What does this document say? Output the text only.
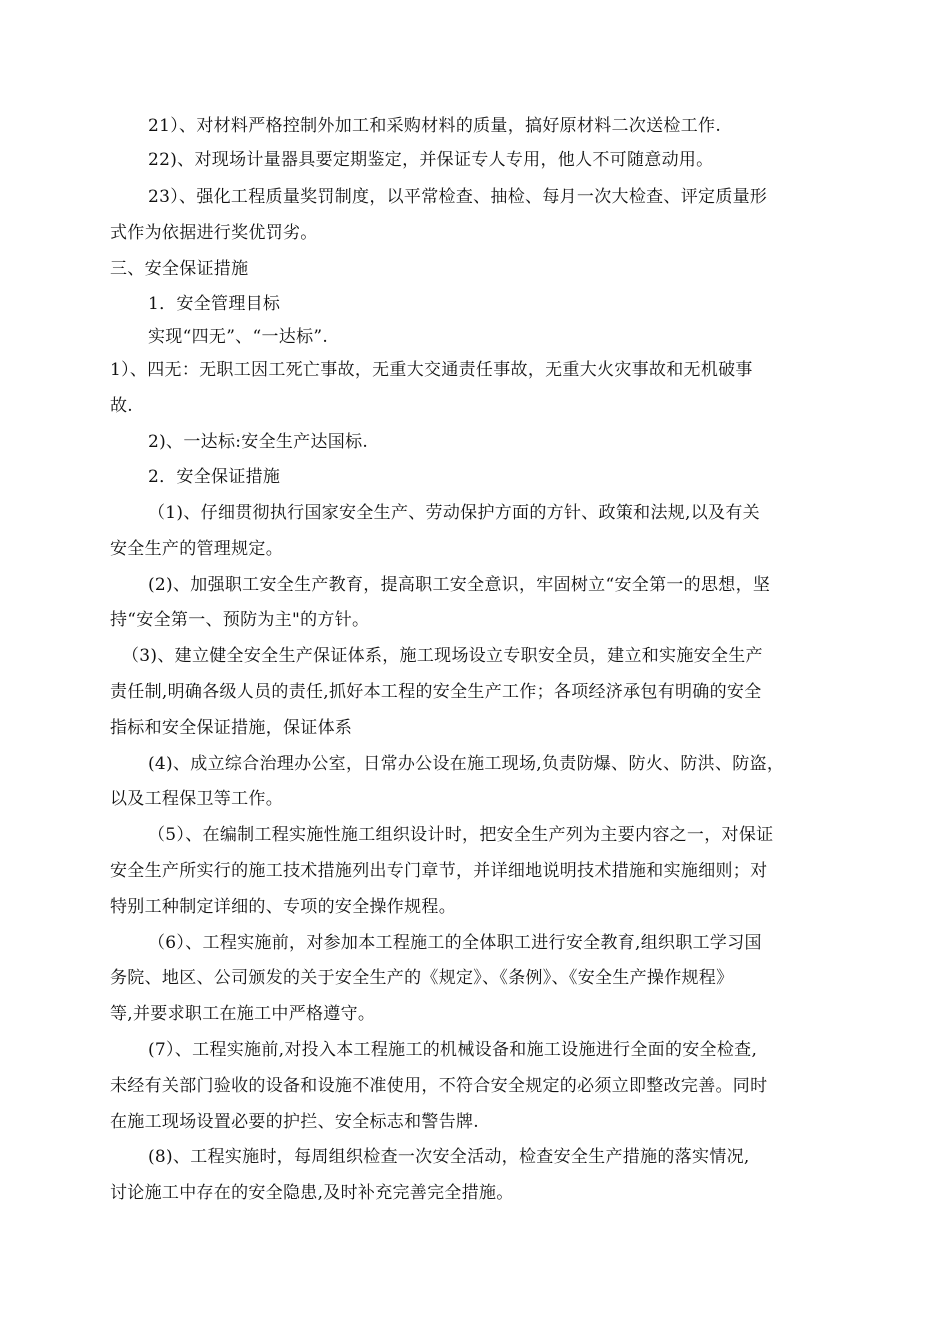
21）、对材料严格控制外加工和采购材料的质量，搞好原材料二次送检工作.
22)、对现场计量器具要定期鉴定，并保证专人专用，他人不可随意动用。
23）、强化工程质量奖罚制度，以平常检查、抽检、每月一次大检查、评定质量形
式作为依据进行奖优罚劣。
三、安全保证措施
1．安全管理目标
实现“四无”、“一达标”.
1）、四无：无职工因工死亡事故，无重大交通责任事故，无重大火灾事故和无机破事
故.
2)、一达标:安全生产达国标.
2．安全保证措施
（1)、仔细贯彻执行国家安全生产、劳动保护方面的方针、政策和法规,以及有关
安全生产的管理规定。
(2)、加强职工安全生产教育，提高职工安全意识，牢固树立“安全第一的思想，坚
持“安全第一、预防为主"的方针。
（3)、建立健全安全生产保证体系，施工现场设立专职安全员，建立和实施安全生产
责任制,明确各级人员的责任,抓好本工程的安全生产工作；各项经济承包有明确的安全
指标和安全保证措施，保证体系
(4)、成立综合治理办公室，日常办公设在施工现场,负责防爆、防火、防洪、防盗，
以及工程保卫等工作。
（5）、在编制工程实施性施工组织设计时，把安全生产列为主要内容之一，对保证
安全生产所实行的施工技术措施列出专门章节，并详细地说明技术措施和实施细则；对
特别工种制定详细的、专项的安全操作规程。
（6）、工程实施前，对参加本工程施工的全体职工进行安全教育,组织职工学习国
务院、地区、公司颁发的关于安全生产的《规定》、《条例》、《安全生产操作规程》
等,并要求职工在施工中严格遵守。
(7）、工程实施前,对投入本工程施工的机械设备和施工设施进行全面的安全检查,
未经有关部门验收的设备和设施不准使用，不符合安全规定的必须立即整改完善。同时
在施工现场设置必要的护拦、安全标志和警告牌.
(8)、工程实施时，每周组织检查一次安全活动，检查安全生产措施的落实情况,
讨论施工中存在的安全隐患,及时补充完善完全措施。
